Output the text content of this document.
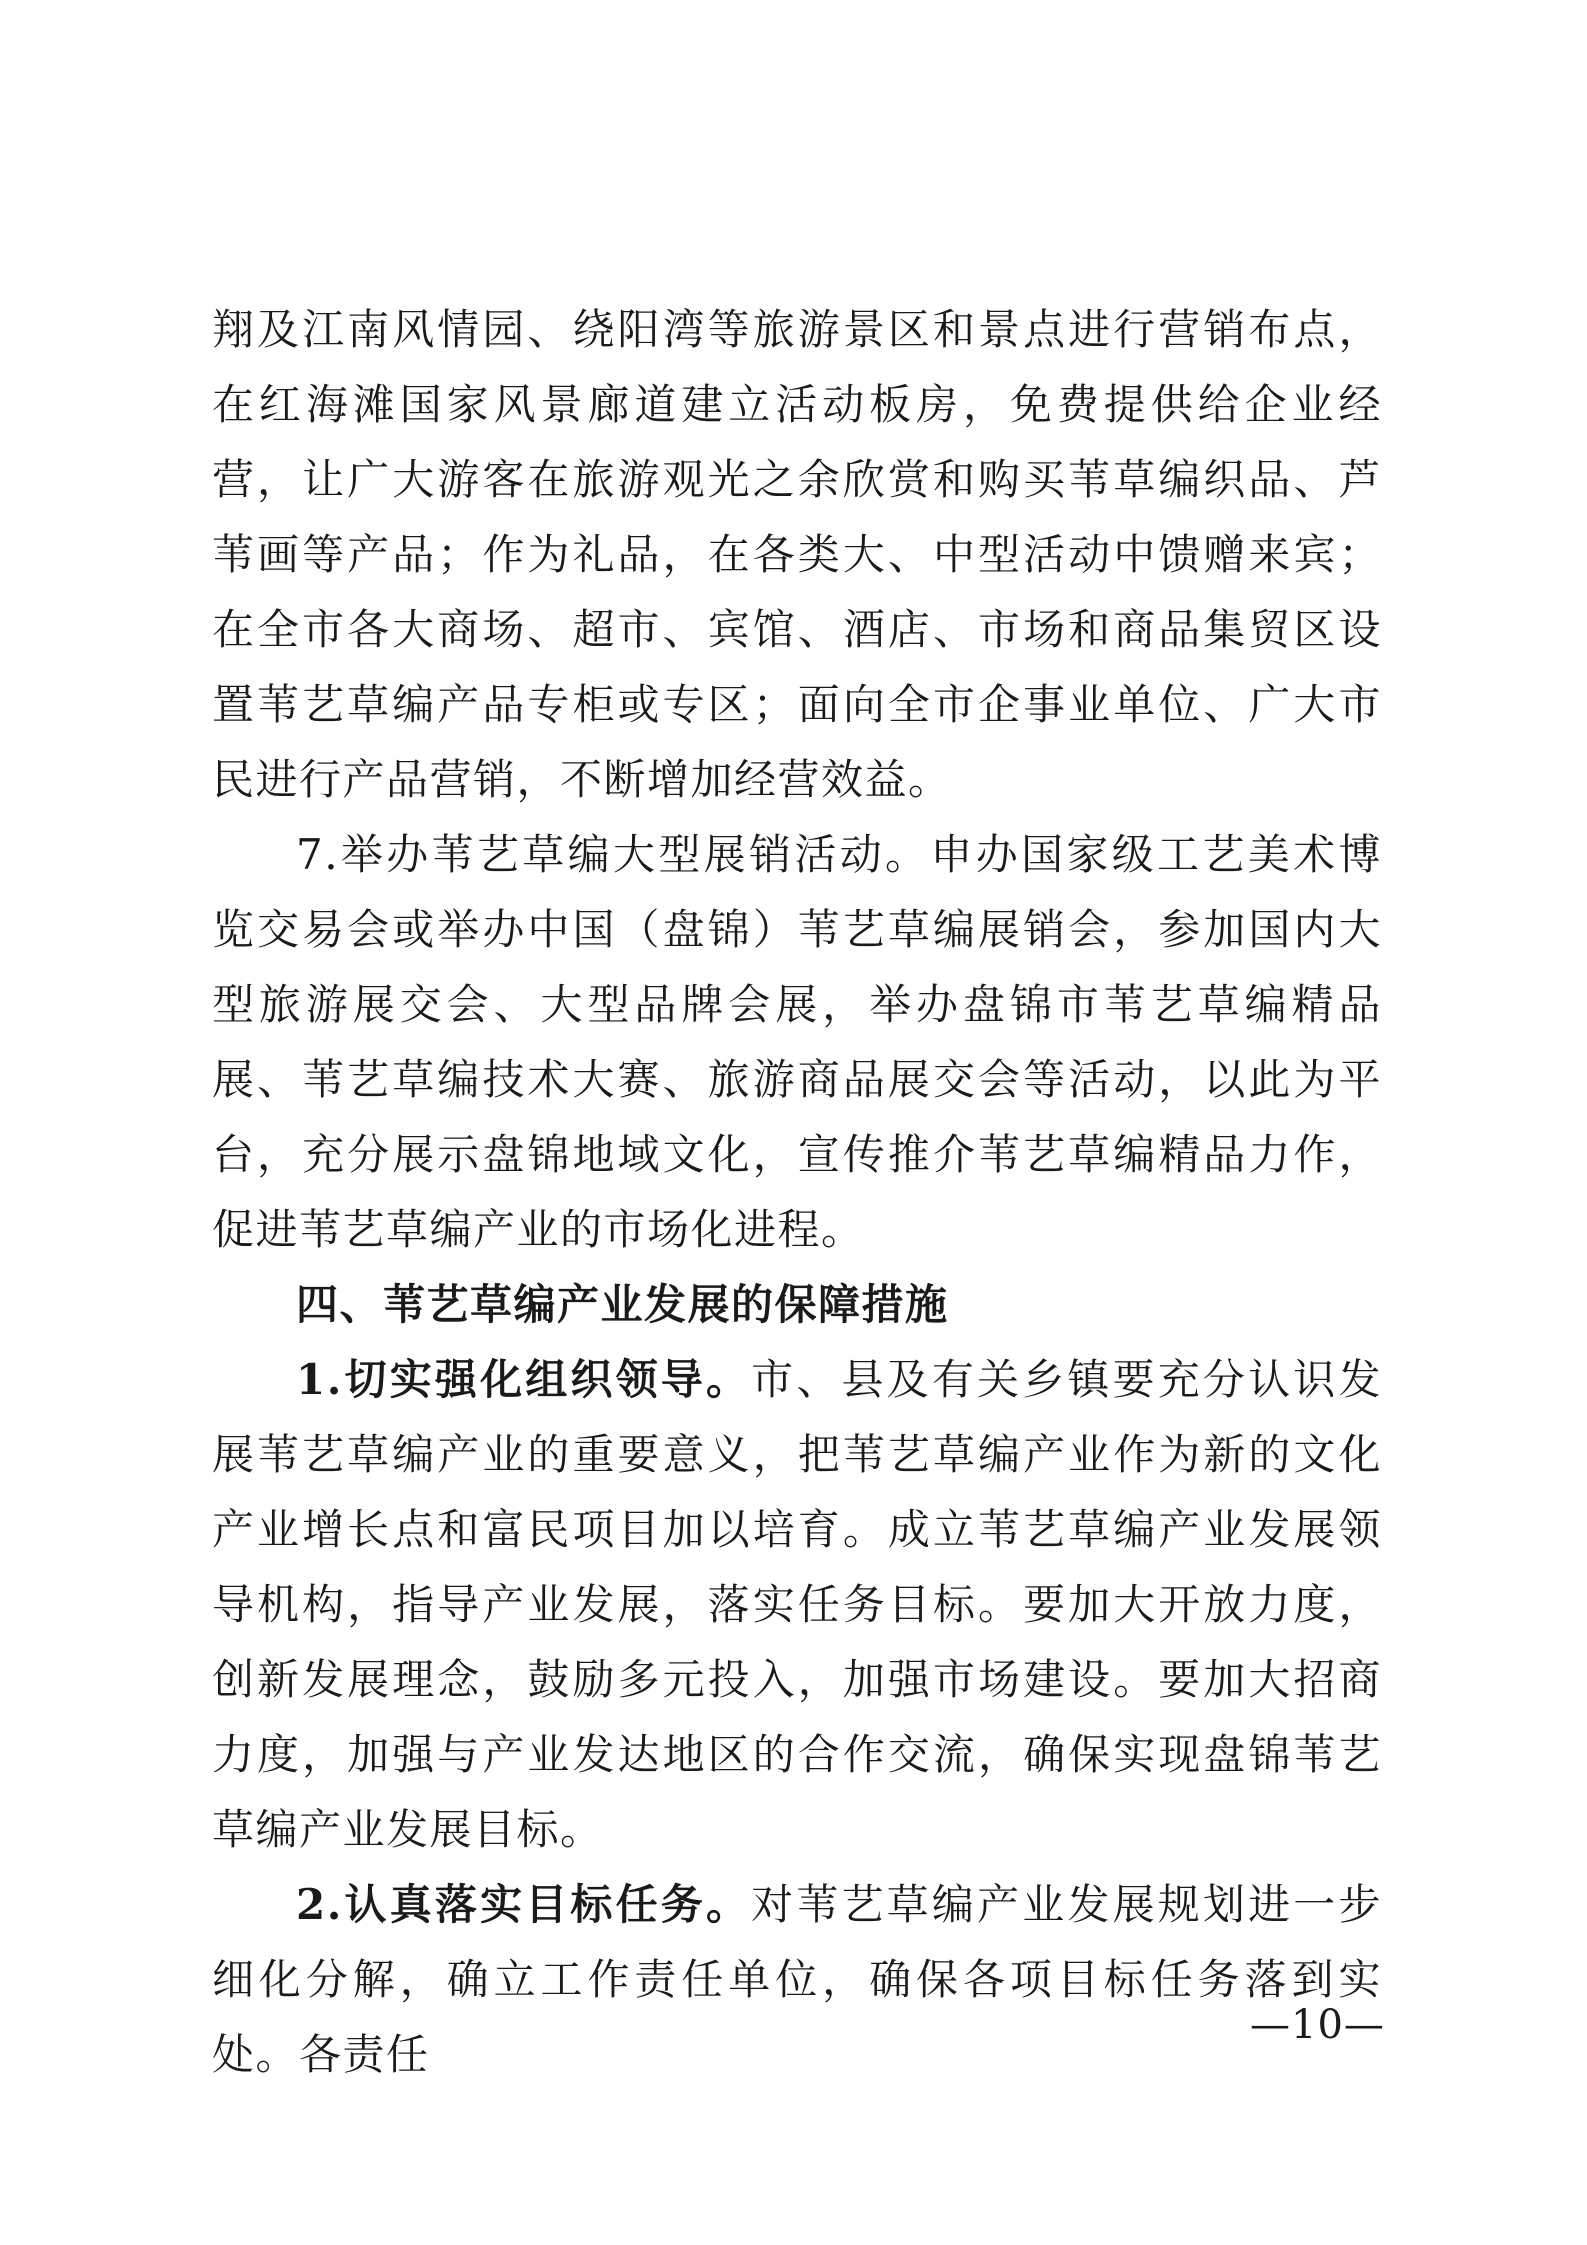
翔及江南风情园、绕阳湾等旅游景区和景点进行营销布点，在红海滩国家风景廊道建立活动板房，免费提供给企业经营，让广大游客在旅游观光之余欣赏和购买苇草编织品、芦苇画等产品；作为礼品，在各类大、中型活动中馈赠来宾；在全市各大商场、超市、宾馆、酒店、市场和商品集贸区设置苇艺草编产品专柜或专区；面向全市企事业单位、广大市民进行产品营销，不断增加经营效益。

7.举办苇艺草编大型展销活动。申办国家级工艺美术博览交易会或举办中国（盘锦）苇艺草编展销会，参加国内大型旅游展交会、大型品牌会展，举办盘锦市苇艺草编精品展、苇艺草编技术大赛、旅游商品展交会等活动，以此为平台，充分展示盘锦地域文化，宣传推介苇艺草编精品力作，促进苇艺草编产业的市场化进程。

四、苇艺草编产业发展的保障措施

1.切实强化组织领导。市、县及有关乡镇要充分认识发展苇艺草编产业的重要意义，把苇艺草编产业作为新的文化产业增长点和富民项目加以培育。成立苇艺草编产业发展领导机构，指导产业发展，落实任务目标。要加大开放力度，创新发展理念，鼓励多元投入，加强市场建设。要加大招商力度，加强与产业发达地区的合作交流，确保实现盘锦苇艺草编产业发展目标。

2.认真落实目标任务。对苇艺草编产业发展规划进一步细化分解，确立工作责任单位，确保各项目标任务落到实处。各责任

—10—
